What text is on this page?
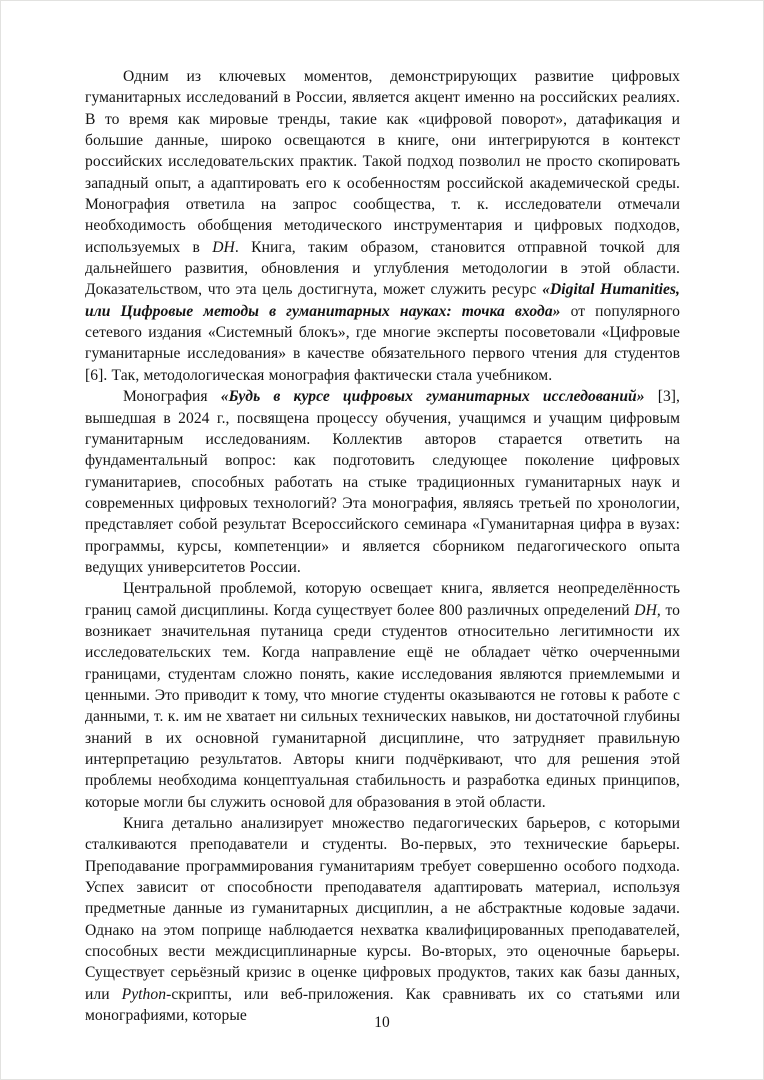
Одним из ключевых моментов, демонстрирующих развитие цифровых гуманитарных исследований в России, является акцент именно на российских реалиях. В то время как мировые тренды, такие как «цифровой поворот», датафикация и большие данные, широко освещаются в книге, они интегрируются в контекст российских исследовательских практик. Такой подход позволил не просто скопировать западный опыт, а адаптировать его к особенностям российской академической среды. Монография ответила на запрос сообщества, т. к. исследователи отмечали необходимость обобщения методического инструментария и цифровых подходов, используемых в DH. Книга, таким образом, становится отправной точкой для дальнейшего развития, обновления и углубления методологии в этой области. Доказательством, что эта цель достигнута, может служить ресурс «Digital Humanities, или Цифровые методы в гуманитарных науках: точка входа» от популярного сетевого издания «Системный блокъ», где многие эксперты посоветовали «Цифровые гуманитарные исследования» в качестве обязательного первого чтения для студентов [6]. Так, методологическая монография фактически стала учебником.

Монография «Будь в курсе цифровых гуманитарных исследований» [3], вышедшая в 2024 г., посвящена процессу обучения, учащимся и учащим цифровым гуманитарным исследованиям. Коллектив авторов старается ответить на фундаментальный вопрос: как подготовить следующее поколение цифровых гуманитариев, способных работать на стыке традиционных гуманитарных наук и современных цифровых технологий? Эта монография, являясь третьей по хронологии, представляет собой результат Всероссийского семинара «Гуманитарная цифра в вузах: программы, курсы, компетенции» и является сборником педагогического опыта ведущих университетов России.

Центральной проблемой, которую освещает книга, является неопределённость границ самой дисциплины. Когда существует более 800 различных определений DH, то возникает значительная путаница среди студентов относительно легитимности их исследовательских тем. Когда направление ещё не обладает чётко очерченными границами, студентам сложно понять, какие исследования являются приемлемыми и ценными. Это приводит к тому, что многие студенты оказываются не готовы к работе с данными, т. к. им не хватает ни сильных технических навыков, ни достаточной глубины знаний в их основной гуманитарной дисциплине, что затрудняет правильную интерпретацию результатов. Авторы книги подчёркивают, что для решения этой проблемы необходима концептуальная стабильность и разработка единых принципов, которые могли бы служить основой для образования в этой области.

Книга детально анализирует множество педагогических барьеров, с которыми сталкиваются преподаватели и студенты. Во-первых, это технические барьеры. Преподавание программирования гуманитариям требует совершенно особого подхода. Успех зависит от способности преподавателя адаптировать материал, используя предметные данные из гуманитарных дисциплин, а не абстрактные кодовые задачи. Однако на этом поприще наблюдается нехватка квалифицированных преподавателей, способных вести междисциплинарные курсы. Во-вторых, это оценочные барьеры. Существует серьёзный кризис в оценке цифровых продуктов, таких как базы данных, или Python-скрипты, или веб-приложения. Как сравнивать их со статьями или монографиями, которые	10
